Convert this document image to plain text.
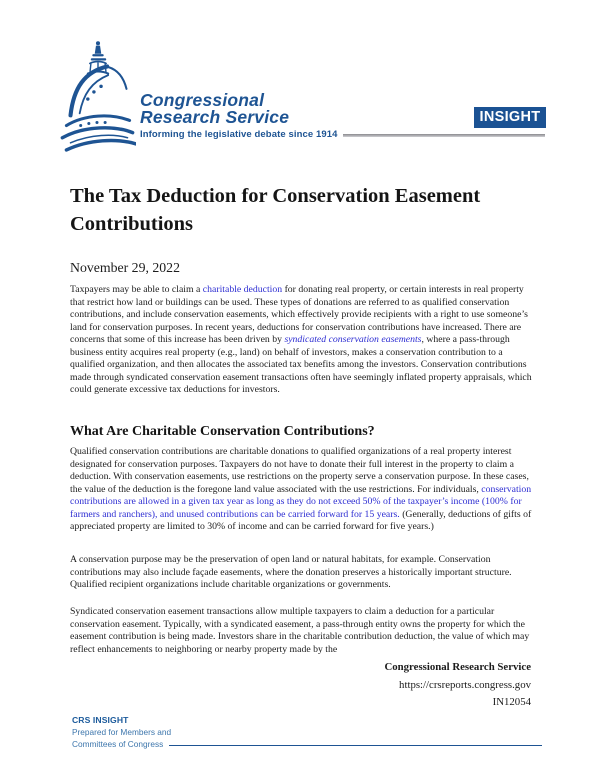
Congressional
Research Service
Informing the legislative debate since 1914
INSIGHT
The Tax Deduction for Conservation Easement Contributions
November 29, 2022

Taxpayers may be able to claim a charitable deduction for donating real property, or certain interests in real property that restrict how land or buildings can be used. These types of donations are referred to as qualified conservation contributions, and include conservation easements, which effectively provide recipients with a right to use someone’s land for conservation purposes. In recent years, deductions for conservation contributions have increased. There are concerns that some of this increase has been driven by syndicated conservation easements, where a pass-through business entity acquires real property (e.g., land) on behalf of investors, makes a conservation contribution to a qualified organization, and then allocates the associated tax benefits among the investors. Conservation contributions made through syndicated conservation easement transactions often have seemingly inflated property appraisals, which could generate excessive tax deductions for investors.

What Are Charitable Conservation Contributions?

Qualified conservation contributions are charitable donations to qualified organizations of a real property interest designated for conservation purposes. Taxpayers do not have to donate their full interest in the property to claim a deduction. With conservation easements, use restrictions on the property serve a conservation purpose. In these cases, the value of the deduction is the foregone land value associated with the use restrictions. For individuals, conservation contributions are allowed in a given tax year as long as they do not exceed 50% of the taxpayer’s income (100% for farmers and ranchers), and unused contributions can be carried forward for 15 years. (Generally, deductions of gifts of appreciated property are limited to 30% of income and can be carried forward for five years.)

A conservation purpose may be the preservation of open land or natural habitats, for example. Conservation contributions may also include façade easements, where the donation preserves a historically important structure. Qualified recipient organizations include charitable organizations or governments.

Syndicated conservation easement transactions allow multiple taxpayers to claim a deduction for a particular conservation easement. Typically, with a syndicated easement, a pass-through entity owns the property for which the easement contribution is being made. Investors share in the charitable contribution deduction, the value of which may reflect enhancements to neighboring or nearby property made by the

Congressional Research Service
https://crsreports.congress.gov
IN12054
CRS INSIGHT
Prepared for Members and
Committees of Congress
